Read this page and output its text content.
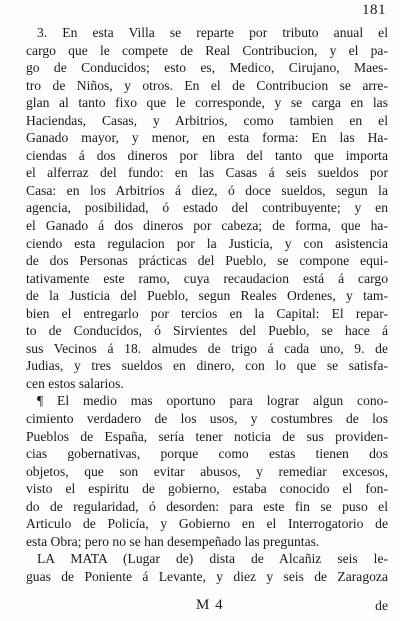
181
3. En esta Villa se reparte por tributo anual el
cargo que le compete de Real Contribucion, y el pa-
go de Conducidos; esto es, Medico, Cirujano, Maes-
tro de Niños, y otros. En el de Contribucion se arre-
glan al tanto fixo que le corresponde, y se carga en las
Haciendas, Casas, y Arbitrios, como tambien en el
Ganado mayor, y menor, en esta forma: En las Ha-
ciendas á dos dineros por libra del tanto que importa
el alferraz del fundo: en las Casas á seis sueldos por
Casa: en los Arbitrios á diez, ó doce sueldos, segun la
agencia, posibilidad, ó estado del contribuyente; y en
el Ganado á dos dineros por cabeza; de forma, que ha-
ciendo esta regulacion por la Justicia, y con asistencia
de dos Personas prácticas del Pueblo, se compone equi-
tativamente este ramo, cuya recaudacion está á cargo
de la Justicia del Pueblo, segun Reales Ordenes, y tam-
bien el entregarlo por tercios en la Capital: El repar-
to de Conducidos, ó Sirvientes del Pueblo, se hace á
sus Vecinos á 18. almudes de trigo á cada uno, 9. de
Judias, y tres sueldos en dinero, con lo que se satisfa-
cen estos salarios.
¶ El medio mas oportuno para lograr algun cono-
cimiento verdadero de los usos, y costumbres de los
Pueblos de España, sería tener noticia de sus providen-
cias gobernativas, porque como estas tienen dos
objetos, que son evitar abusos, y remediar excesos,
visto el espiritu de gobierno, estaba conocido el fon-
do de regularidad, ó desorden: para este fin se puso el
Articulo de Policía, y Gobierno en el Interrogatorio de
esta Obra; pero no se han desempeñado las preguntas.
LA MATA (Lugar de) dista de Alcañiz seis le-
guas de Poniente á Levante, y diez y seis de Zaragoza
M 4	de
